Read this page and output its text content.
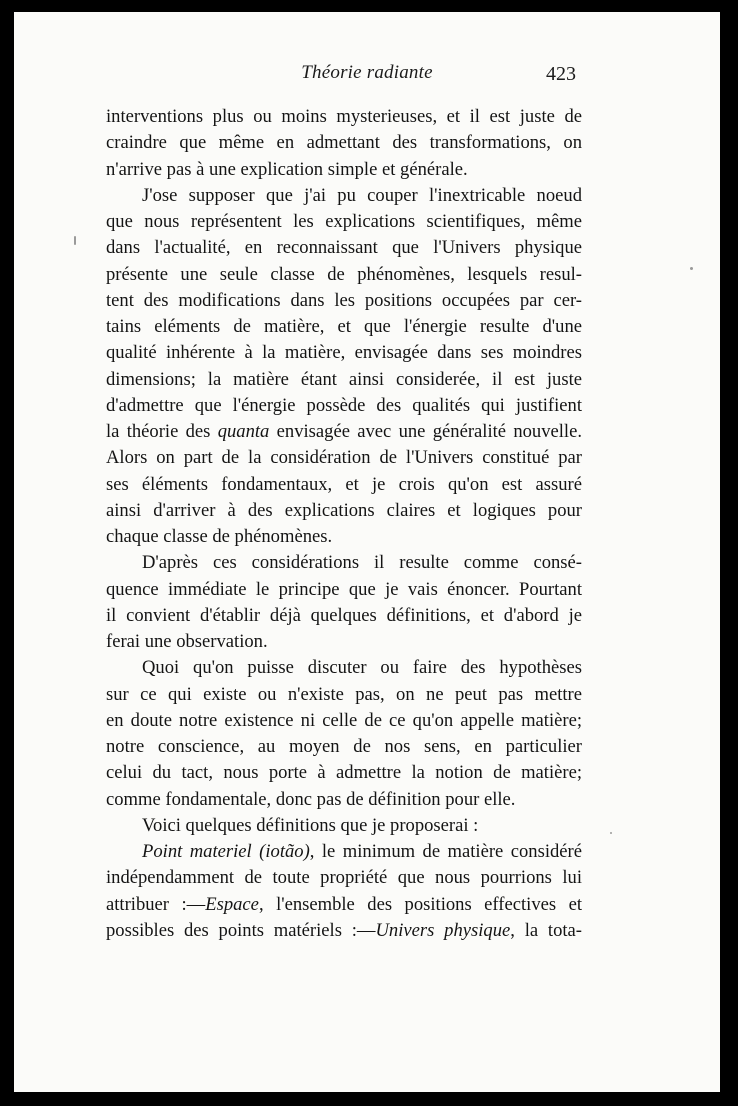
Théorie radiante	423
interventions plus ou moins mysterieuses, et il est juste de
craindre que même en admettant des transformations, on
n'arrive pas à une explication simple et générale.
J'ose supposer que j'ai pu couper l'inextricable noeud
que nous représentent les explications scientifiques, même
dans l'actualité, en reconnaissant que l'Univers physique
présente une seule classe de phénomènes, lesquels resul-
tent des modifications dans les positions occupées par cer-
tains eléments de matière, et que l'énergie resulte d'une
qualité inhérente à la matière, envisagée dans ses moindres
dimensions; la matière étant ainsi considerée, il est juste
d'admettre que l'énergie possède des qualités qui justifient
la théorie des quanta envisagée avec une généralité nouvelle.
Alors on part de la considération de l'Univers constitué par
ses éléments fondamentaux, et je crois qu'on est assuré
ainsi d'arriver à des explications claires et logiques pour
chaque classe de phénomènes.
D'après ces considérations il resulte comme consé-
quence immédiate le principe que je vais énoncer. Pourtant
il convient d'établir déjà quelques définitions, et d'abord je
ferai une observation.
Quoi qu'on puisse discuter ou faire des hypothèses
sur ce qui existe ou n'existe pas, on ne peut pas mettre
en doute notre existence ni celle de ce qu'on appelle matière;
notre conscience, au moyen de nos sens, en particulier
celui du tact, nous porte à admettre la notion de matière;
comme fondamentale, donc pas de définition pour elle.
Voici quelques définitions que je proposerai :
Point materiel (iotão), le minimum de matière considéré
indépendamment de toute propriété que nous pourrions lui
attribuer :—Espace, l'ensemble des positions effectives et
possibles des points matériels :—Univers physique, la tota-
